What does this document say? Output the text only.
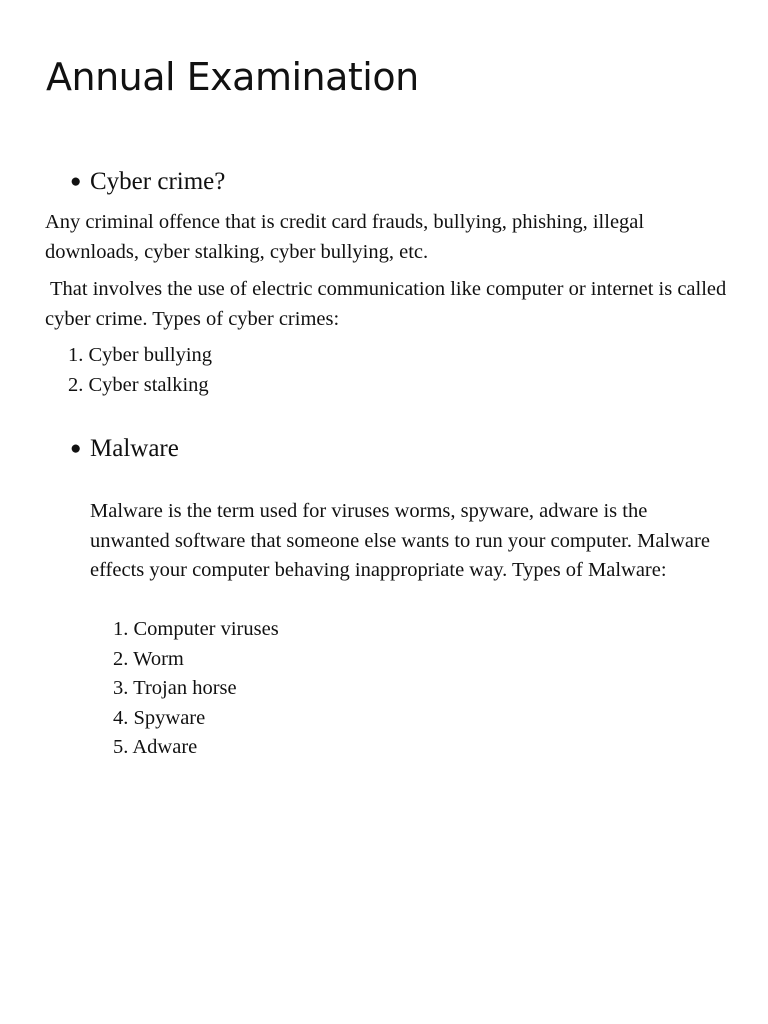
Annual Examination
● Cyber crime?

Any criminal offence that is credit card frauds, bullying, phishing, illegal downloads, cyber stalking, cyber bullying, etc.

That involves the use of electric communication like computer or internet is called cyber crime. Types of cyber crimes:

1. Cyber bullying
2. Cyber stalking
● Malware

Malware is the term used for viruses worms, spyware, adware is the unwanted software that someone else wants to run your computer. Malware effects your computer behaving inappropriate way. Types of Malware:

1. Computer viruses
2. Worm
3. Trojan horse
4. Spyware
5. Adware
